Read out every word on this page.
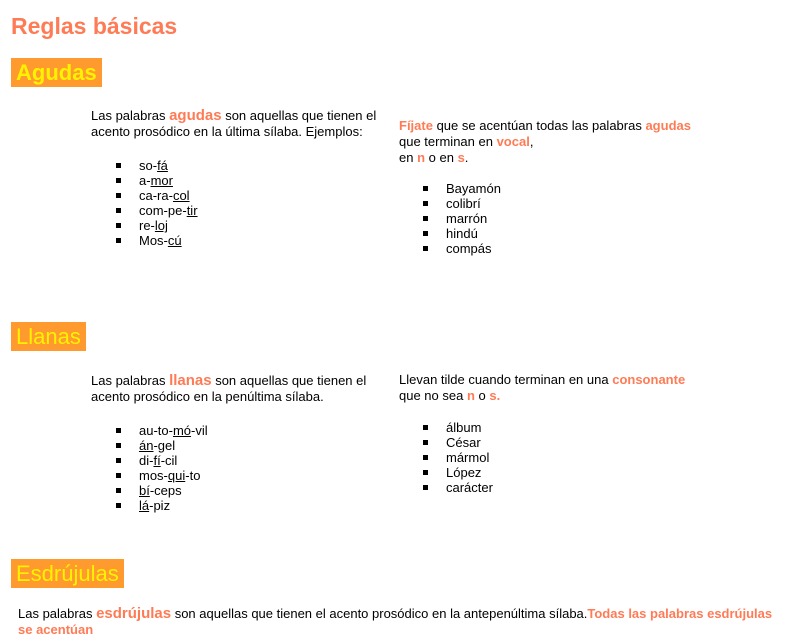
Reglas básicas
Agudas
Las palabras agudas son aquellas que tienen el
acento prosódico en la última sílaba. Ejemplos:
so-fá
a-mor
ca-ra-col
com-pe-tir
re-loj
Mos-cú
Fíjate que se acentúan todas las palabras agudas
que terminan en vocal,
en n o en s.
Bayamón
colibrí
marrón
hindú
compás
Llanas
Las palabras llanas son aquellas que tienen el
acento prosódico en la penúltima sílaba.
au-to-mó-vil
án-gel
di-fí-cil
mos-qui-to
bí-ceps
lá-piz
Llevan tilde cuando terminan en una consonante
que no sea n o s.
álbum
César
mármol
López
carácter
Esdrújulas
Las palabras esdrújulas son aquellas que tienen el acento prosódico en la antepenúltima sílaba.Todas las palabras esdrújulas se acentúan
